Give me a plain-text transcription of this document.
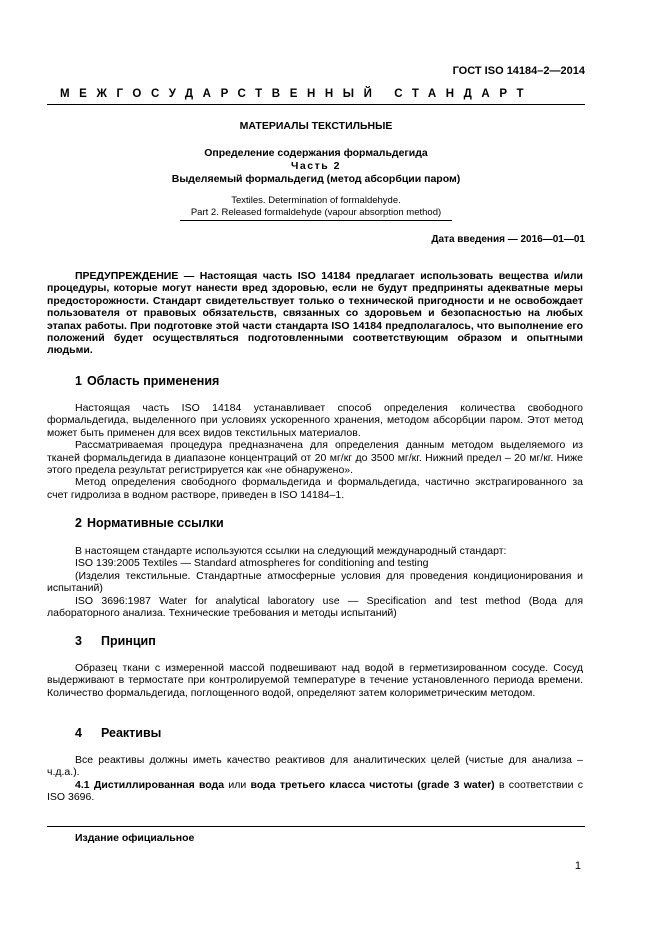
ГОСТ ISO 14184–2—2014
МЕЖГОСУДАРСТВЕННЫЙ СТАНДАРТ
МАТЕРИАЛЫ ТЕКСТИЛЬНЫЕ
Определение содержания формальдегида
Часть 2
Выделяемый формальдегид (метод абсорбции паром)
Textiles. Determination of formaldehyde.
Part 2. Released formaldehyde (vapour absorption method)
Дата введения — 2016—01—01

ПРЕДУПРЕЖДЕНИЕ — Настоящая часть ISO 14184 предлагает использовать вещества и/или процедуры, которые могут нанести вред здоровью, если не будут предприняты адекватные меры предосторожности. Стандарт свидетельствует только о технической пригодности и не освобождает пользователя от правовых обязательств, связанных со здоровьем и безопасностью на любых этапах работы. При подготовке этой части стандарта ISO 14184 предполагалось, что выполнение его положений будет осуществляться подготовленными соответствующим образом и опытными людьми.

1 Область применения

Настоящая часть ISO 14184 устанавливает способ определения количества свободного формальдегида, выделенного при условиях ускоренного хранения, методом абсорбции паром. Этот метод может быть применен для всех видов текстильных материалов.

Рассматриваемая процедура предназначена для определения данным методом выделяемого из тканей формальдегида в диапазоне концентраций от 20 мг/кг до 3500 мг/кг. Нижний предел – 20 мг/кг. Ниже этого предела результат регистрируется как «не обнаружено».

Метод определения свободного формальдегида и формальдегида, частично экстрагированного за счет гидролиза в водном растворе, приведен в ISO 14184–1.

2 Нормативные ссылки

В настоящем стандарте используются ссылки на следующий международный стандарт:

ISO 139:2005 Textiles — Standard atmospheres for conditioning and testing

(Изделия текстильные. Стандартные атмосферные условия для проведения кондиционирования и испытаний)

ISO 3696:1987 Water for analytical laboratory use — Specification and test method (Вода для лабораторного анализа. Технические требования и методы испытаний)

3 Принцип

Образец ткани с измеренной массой подвешивают над водой в герметизированном сосуде. Сосуд выдерживают в термостате при контролируемой температуре в течение установленного периода времени. Количество формальдегида, поглощенного водой, определяют затем колориметрическим методом.

4 Реактивы

Все реактивы должны иметь качество реактивов для аналитических целей (чистые для анализа – ч.д.а.).

4.1 Дистиллированная вода или вода третьего класса чистоты (grade 3 water) в соответствии с ISO 3696.

Издание официальное
1
